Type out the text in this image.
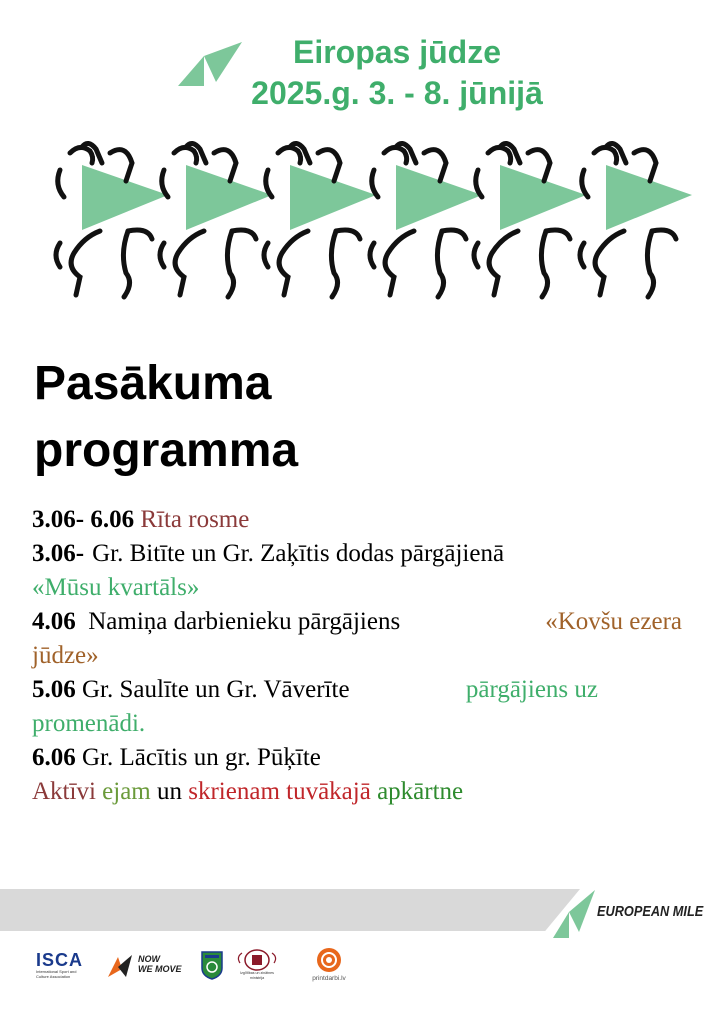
Eiropas jūdze
2025.g. 3. - 8. jūnijā
Pasākuma
programma
3.06- 6.06 Rīta rosme
3.06- Gr. Bitīte un Gr. Zaķītis dodas pārgājienā
«Mūsu kvartāls»
4.06 Namiņa darbienieku pārgājiens	«Kovšu ezera
jūdze»
5.06 Gr. Saulīte un Gr. Vāverīte	pārgājiens uz
promenādi.
6.06 Gr. Lācītis un gr. Pūķīte
Aktīvi ejam un skrienam tuvākajā apkārtne
EUROPEAN MILE
ISCA
International Sport and
Culture Association
NOW
WE MOVE	Izglītības un zinātnes
ministrija	printdarbi.lv
